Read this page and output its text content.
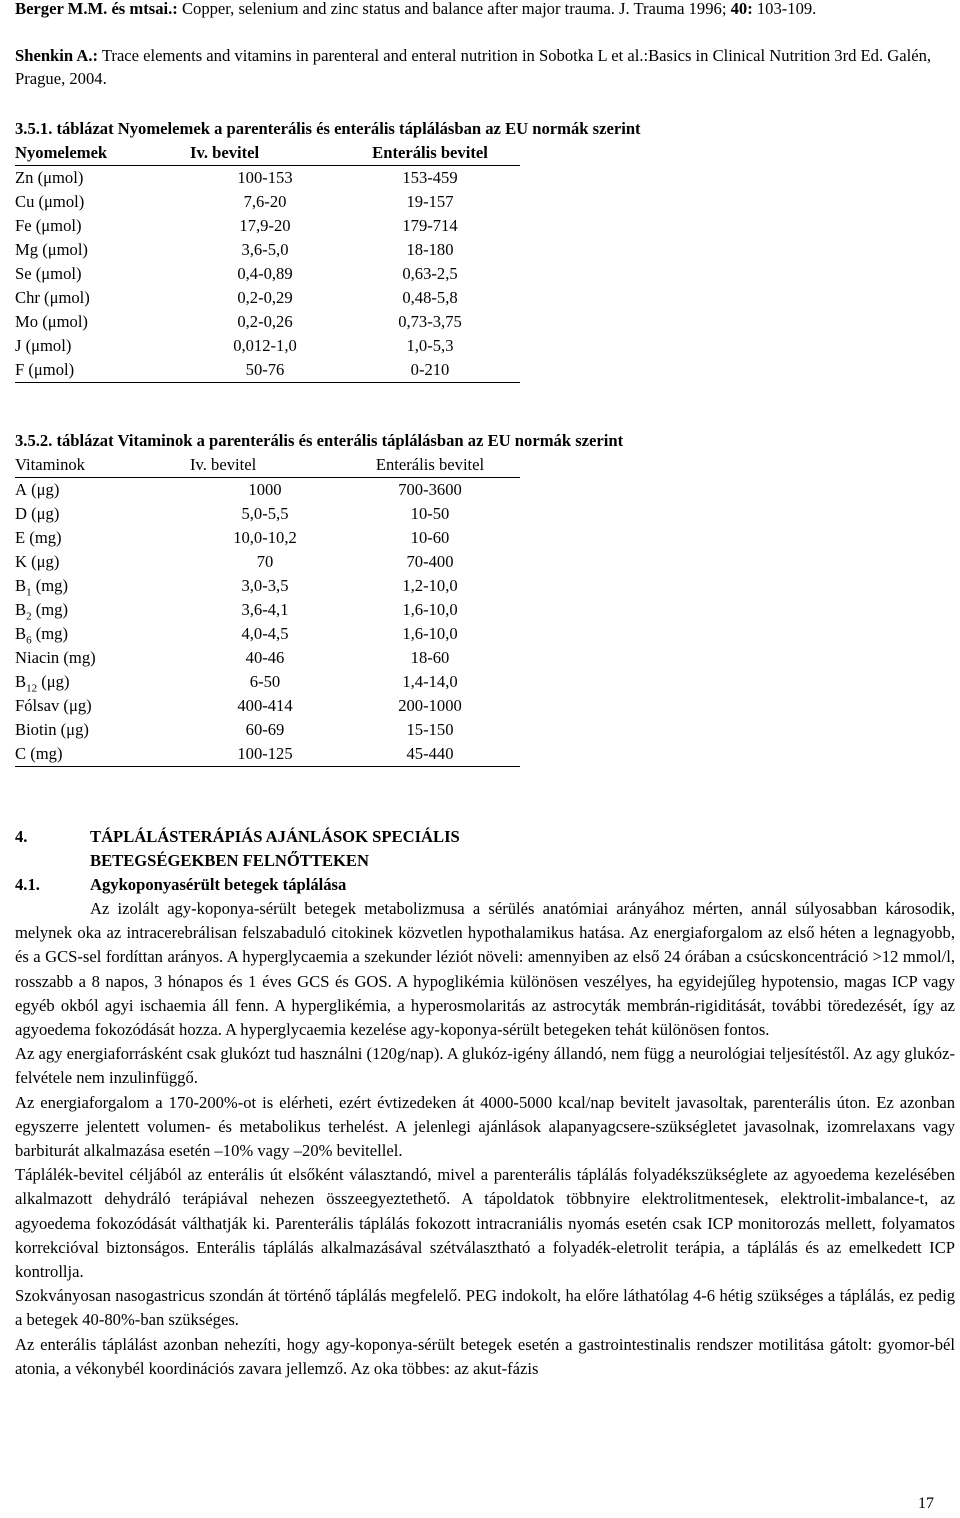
Berger M.M. és mtsai.: Copper, selenium and zinc status and balance after major trauma. J. Trauma 1996; 40: 103-109.
Shenkin A.: Trace elements and vitamins in parenteral and enteral nutrition in Sobotka L et al.:Basics in Clinical Nutrition 3rd Ed. Galén, Prague, 2004.
3.5.1. táblázat Nyomelemek a parenterális és enterális táplálásban az EU normák szerint
Nyomelemek	Iv. bevitel	Enterális bevitel
Zn (μmol)	100-153	153-459
Cu (μmol)	7,6-20	19-157
Fe (μmol)	17,9-20	179-714
Mg (μmol)	3,6-5,0	18-180
Se (μmol)	0,4-0,89	0,63-2,5
Chr (μmol)	0,2-0,29	0,48-5,8
Mo (μmol)	0,2-0,26	0,73-3,75
J (μmol)	0,012-1,0	1,0-5,3
F (μmol)	50-76	0-210
3.5.2. táblázat Vitaminok a parenterális és enterális táplálásban az EU normák szerint
Vitaminok	Iv. bevitel	Enterális bevitel
A (μg)	1000	700-3600
D (μg)	5,0-5,5	10-50
E (mg)	10,0-10,2	10-60
K (μg)	70	70-400
$B_1$ (mg)	3,0-3,5	1,2-10,0
$B_2$ (mg)	3,6-4,1	1,6-10,0
$B_6$ (mg)	4,0-4,5	1,6-10,0
Niacin (mg)	40-46	18-60
$B_{12}$ (μg)	6-50	1,4-14,0
Fólsav (μg)	400-414	200-1000
Biotin (μg)	60-69	15-150
C (mg)	100-125	45-440
4.	TÁPLÁLÁSTERÁPIÁS AJÁNLÁSOK SPECIÁLIS
BETEGSÉGEKBEN FELNŐTTEKEN
4.1.	Agykoponyasérült betegek táplálása

Az izolált agy-koponya-sérült betegek metabolizmusa a sérülés anatómiai arányához mérten, annál súlyosabban károsodik, melynek oka az intracerebrálisan felszabaduló citokinek közvetlen hypothalamikus hatása. Az energiaforgalom az első héten a legnagyobb, és a GCS-sel fordíttan arányos. A hyperglycaemia a szekunder léziót növeli: amennyiben az első 24 órában a csúcskoncentráció >12 mmol/l, rosszabb a 8 napos, 3 hónapos és 1 éves GCS és GOS. A hypoglikémia különösen veszélyes, ha egyidejűleg hypotensio, magas ICP vagy egyéb okból agyi ischaemia áll fenn. A hyperglikémia, a hyperosmolaritás az astrocyták membrán-rigiditását, további töredezését, így az agyoedema fokozódását hozza. A hyperglycaemia kezelése agy-koponya-sérült betegeken tehát különösen fontos.

Az agy energiaforrásként csak glukózt tud használni (120g/nap). A glukóz-igény állandó, nem függ a neurológiai teljesítéstől. Az agy glukóz-felvétele nem inzulinfüggő.

Az energiaforgalom a 170-200%-ot is elérheti, ezért évtizedeken át 4000-5000 kcal/nap bevitelt javasoltak, parenterális úton. Ez azonban egyszerre jelentett volumen- és metabolikus terhelést. A jelenlegi ajánlások alapanyagcsere-szükségletet javasolnak, izomrelaxans vagy barbiturát alkalmazása esetén –10% vagy –20% bevitellel.

Táplálék-bevitel céljából az enterális út elsőként választandó, mivel a parenterális táplálás folyadékszükséglete az agyoedema kezelésében alkalmazott dehydráló terápiával nehezen összeegyeztethető. A tápoldatok többnyire elektrolitmentesek, elektrolit-imbalance-t, az agyoedema fokozódását válthatják ki. Parenterális táplálás fokozott intracraniális nyomás esetén csak ICP monitorozás mellett, folyamatos korrekcióval biztonságos. Enterális táplálás alkalmazásával szétválasztható a folyadék-eletrolit terápia, a táplálás és az emelkedett ICP kontrollja.

Szokványosan nasogastricus szondán át történő táplálás megfelelő. PEG indokolt, ha előre láthatólag 4-6 hétig szükséges a táplálás, ez pedig a betegek 40-80%-ban szükséges.

Az enterális táplálást azonban nehezíti, hogy agy-koponya-sérült betegek esetén a gastrointestinalis rendszer motilitása gátolt: gyomor-bél atonia, a vékonybél koordinációs zavara jellemző. Az oka többes: az akut-fázis

17
